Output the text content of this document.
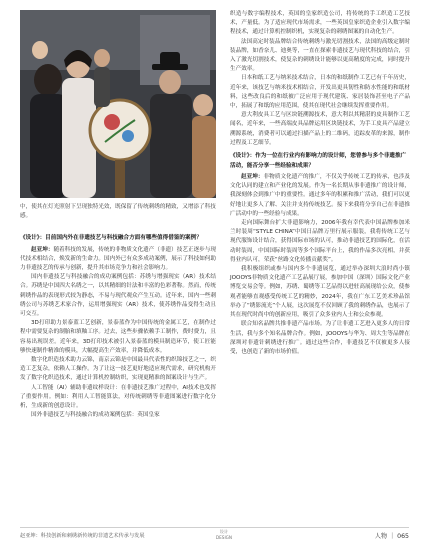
中，使其在灯光照射下呈现独特光效，既保留了传统刺绣的精致，又增添了科技感。
《设计》：目前国内外在非遗技艺与科技融合方面有哪些值得借鉴的案例？

赵亚坤：随着科技的发展，传统的非物质文化遗产（非遗）技艺正逐步与现代技术相结合，焕发新的生命力。国内外已有众多成功案例，展示了科技如何助力非遗技艺的传承与创新，提升其市场竞争力和社会影响力。

国内非遗技艺与科技融合的成功案例包括：苏绣与增强现实（AR）技术结合。苏绣是中国四大名绣之一，以其精细的针法和丰富的色彩著称。然而，传统刺绣作品的表现形式较为静态，不易与现代观众产生互动。近年来，国内一些刺绣公司与苏绣艺术家合作，运用增强现实（AR）技术，使苏绣作品变得生动且可交互。

3D打印助力景泰蓝工艺创新，景泰蓝作为中国传统的金属工艺，在制作过程中需要复杂的制胎和填釉工序。过去，这些步骤依赖手工制作，费时费力，且容易出现误差。近年来，3D打印技术被引入景泰蓝的模具制造环节，使工匠能够快速制作精准的模具，大幅提高生产效率，并降低成本。

数字化织造技术助力云锦，南京云锦是中国最具代表性的织锦技艺之一，织造工艺复杂，依赖人工操作。为了让这一技艺更好地适应现代需求，研究机构开发了数字化织造技术，通过计算机控制纺织，实现更精准的图案设计与生产。

人工智能（AI）辅助非遗纹样设计：在非遗技艺推广过程中，AI技术也发挥了重要作用。例如：利用人工智能算法，对传统刺绣等非遗图案进行数字化分析，生成新的创意设计。

国外非遗技艺与科技融合的成功案例包括：英国皇家

织造与数字编程技术，英国的皇家织造公司，将传统的手工织造工艺技术，产量低。为了适应现代市场需求，一些英国皇家织造企业引入数字编程技术，通过计算机控制织机，实现复杂的刺绣图案的自动化生产。

法国高定时装品牌结合传统刺绣与激光切割技术，法国的高级定制时装品牌，如香奈儿、迪奥等，一直在探索非遗技艺与现代科技的结合，引入了激光切割技术，使复杂的刺绣设计能够以更高精度的完成，同时提升生产效率。

日本和纸工艺与纳米技术结合，日本的和纸制作工艺已有千年历史，近年来，该技艺与纳米技术相结合，开发出更具韧性和防水性能的和纸材料，这些改良后的和纸被广泛应用于现代建筑、家居装饰甚至电子产品中，拓展了和纸的应用范围，使其在现代社会继续发挥重要作用。

意大利皮具工艺与区块链溯源技术，意大利以其精湛的皮具制作工艺闻名，近年来，一些高端皮具品牌运用区块链技术，为手工皮具产品建立溯源系统，消费者可以通过扫描产品上的二维码，追踪皮革的来源，制作过程及工艺细节。

《设计》：作为一位在行业内有影响力的设计师，您曾参与多个非遗推广活动，能否分享一些经验和成果？

赵亚坤：非物质文化遗产的推广，不仅关乎传统工艺的传承，也涉及文化认同的建立和产业化的发展。作为一名长期从事非遗推广的设计师，我深刻体会到推广中的重要性。通过多年的积累和推广活动，我们可以更好地让更多人了解、关注并支持传统技艺。接下来我将分享自己在非遗推广活动中的一些经验与成果。

走向国际舞台扩大非遗影响力，2006年我有幸代表中国品牌参加米兰时装周“STYLE CHINA”中国日品牌万里行展示服装，我将传统工艺与现代服饰设计结合，获得国际市场的认可，推动非遗技艺的国际化，在活动时装周，中国国际时装周等多个国际平台上，我的作品多次亮相，并获得业内认可，荣获“丝路文化传播贡献奖”。

我积极组织或参与国内多个非遗展览，通过举办深圳大浪时尚小镇JOOOYS非物质文化遗产工艺品展厅展，参加中国（深圳）国际文化产业博览交易会等。例如，苏绣、蜀绣等工艺品得以进驻高展现给公众，使参观者能够直观感受传统工艺的精妙，2024年，我在广东工艺美术珍品馆举办了“绣影流光”个人展，这次展览不仅回顾了我的刺绣作品，也展示了其在现代时尚中的创新应用，吸引了众多业内人士和公众参观。

联合知名品牌共推非遗产品市场。为了让非遗工艺进入更多人的日常生活，我与多个知名品牌合作。例如，JOOOYS与华为、周大生等品牌在深圳对非遗针刺绣进行推广。通过这些合作，非遗技艺不仅被更多人接受，也创造了新的市场价值。

赵亚坤：科技创新和刺绣新传统的非遗艺术传承与发展
设计
DESIGN	人物 ｜ 065
